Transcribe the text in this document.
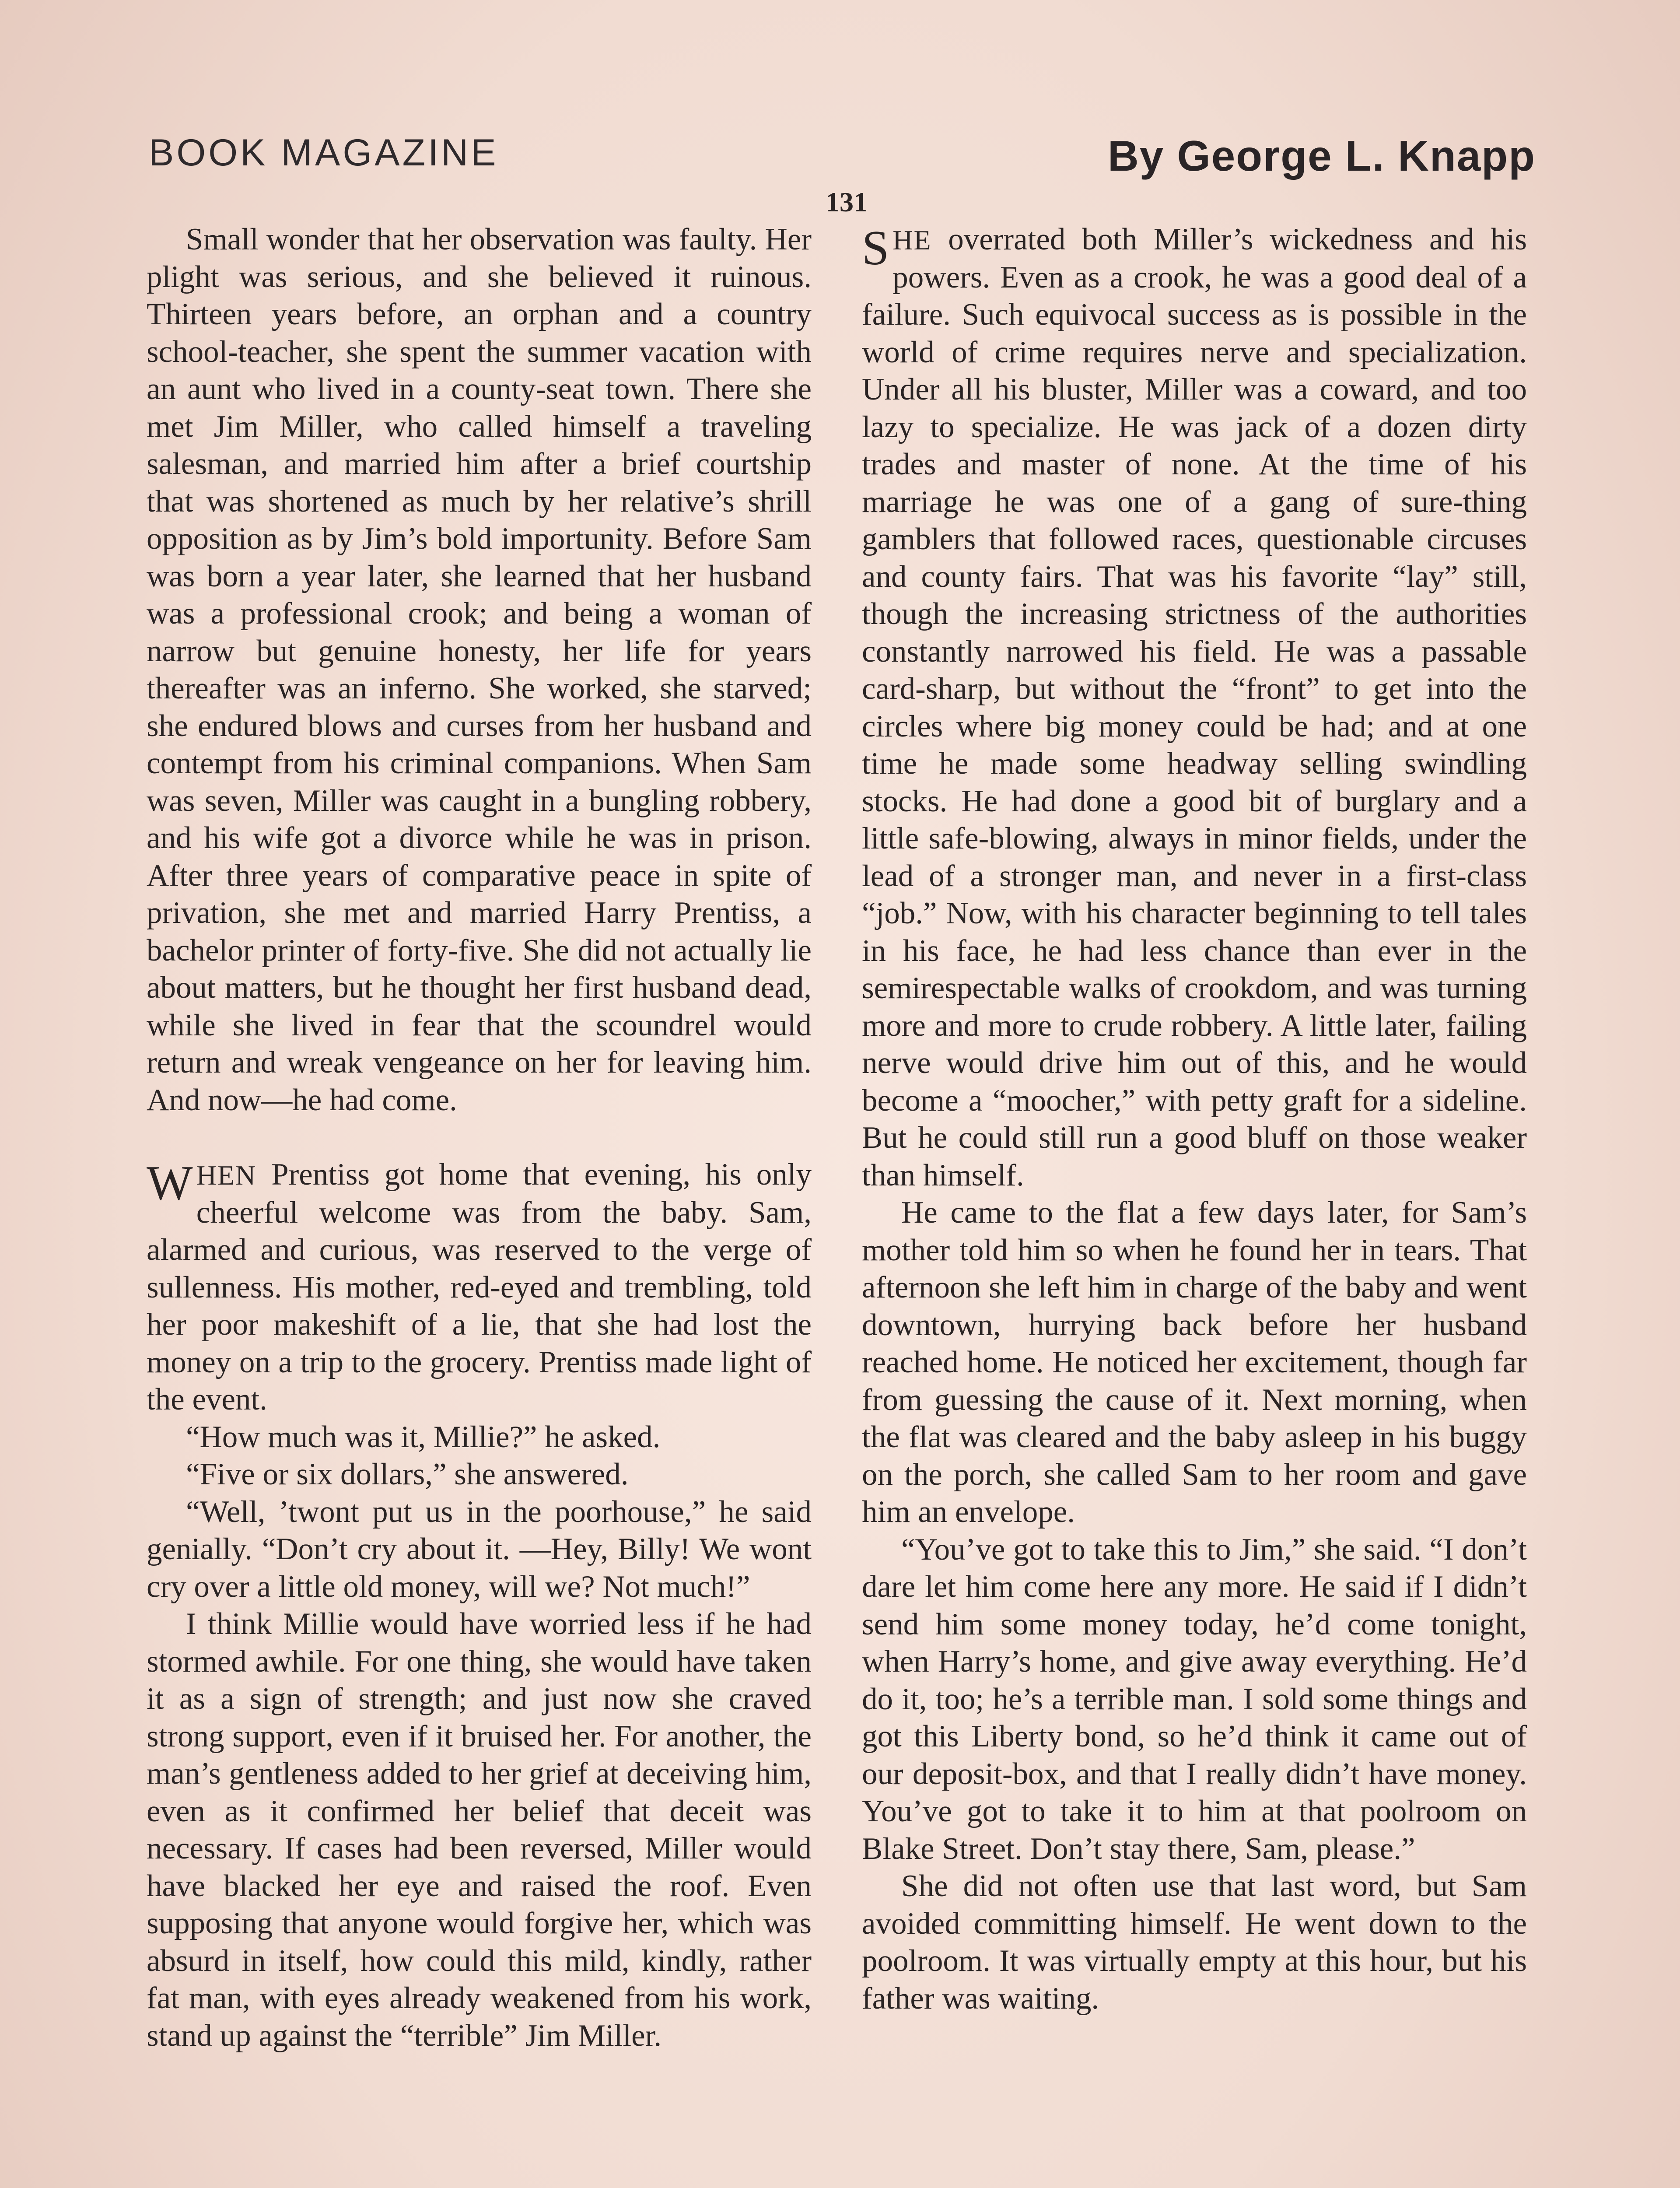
BOOK MAGAZINE	By George L. Knapp
131

Small wonder that her observation was faulty. Her plight was serious, and she believed it ruinous. Thirteen years before, an orphan and a country school-teacher, she spent the summer vacation with an aunt who lived in a county-seat town. There she met Jim Miller, who called himself a traveling salesman, and married him after a brief courtship that was shortened as much by her relative’s shrill opposition as by Jim’s bold importunity. Before Sam was born a year later, she learned that her husband was a professional crook; and being a woman of narrow but genuine honesty, her life for years thereafter was an inferno. She worked, she starved; she endured blows and curses from her husband and contempt from his criminal companions. When Sam was seven, Miller was caught in a bungling robbery, and his wife got a divorce while he was in prison. After three years of comparative peace in spite of privation, she met and married Harry Prentiss, a bachelor printer of forty-five. She did not actually lie about matters, but he thought her first husband dead, while she lived in fear that the scoundrel would return and wreak vengeance on her for leaving him. And now—he had come.

WHEN Prentiss got home that evening, his only cheerful welcome was from the baby. Sam, alarmed and curious, was reserved to the verge of sullenness. His mother, red-eyed and trembling, told her poor makeshift of a lie, that she had lost the money on a trip to the grocery. Prentiss made light of the event.

“How much was it, Millie?” he asked.

“Five or six dollars,” she answered.

“Well, ’twont put us in the poorhouse,” he said genially. “Don’t cry about it. —Hey, Billy! We wont cry over a little old money, will we? Not much!”

I think Millie would have worried less if he had stormed awhile. For one thing, she would have taken it as a sign of strength; and just now she craved strong support, even if it bruised her. For another, the man’s gentleness added to her grief at deceiving him, even as it confirmed her belief that deceit was necessary. If cases had been reversed, Miller would have blacked her eye and raised the roof. Even supposing that anyone would forgive her, which was absurd in itself, how could this mild, kindly, rather fat man, with eyes already weakened from his work, stand up against the “terrible” Jim Miller.

SHE overrated both Miller’s wickedness and his powers. Even as a crook, he was a good deal of a failure. Such equivocal success as is possible in the world of crime requires nerve and specialization. Under all his bluster, Miller was a coward, and too lazy to specialize. He was jack of a dozen dirty trades and master of none. At the time of his marriage he was one of a gang of sure-thing gamblers that followed races, questionable circuses and county fairs. That was his favorite “lay” still, though the increasing strictness of the authorities constantly narrowed his field. He was a passable card-sharp, but without the “front” to get into the circles where big money could be had; and at one time he made some headway selling swindling stocks. He had done a good bit of burglary and a little safe-blowing, always in minor fields, under the lead of a stronger man, and never in a first-class “job.” Now, with his character beginning to tell tales in his face, he had less chance than ever in the semirespectable walks of crookdom, and was turning more and more to crude robbery. A little later, failing nerve would drive him out of this, and he would become a “moocher,” with petty graft for a sideline. But he could still run a good bluff on those weaker than himself.

He came to the flat a few days later, for Sam’s mother told him so when he found her in tears. That afternoon she left him in charge of the baby and went downtown, hurrying back before her husband reached home. He noticed her excitement, though far from guessing the cause of it. Next morning, when the flat was cleared and the baby asleep in his buggy on the porch, she called Sam to her room and gave him an envelope.

“You’ve got to take this to Jim,” she said. “I don’t dare let him come here any more. He said if I didn’t send him some money today, he’d come tonight, when Harry’s home, and give away everything. He’d do it, too; he’s a terrible man. I sold some things and got this Liberty bond, so he’d think it came out of our deposit-box, and that I really didn’t have money. You’ve got to take it to him at that poolroom on Blake Street. Don’t stay there, Sam, please.”

She did not often use that last word, but Sam avoided committing himself. He went down to the poolroom. It was virtually empty at this hour, but his father was waiting.
